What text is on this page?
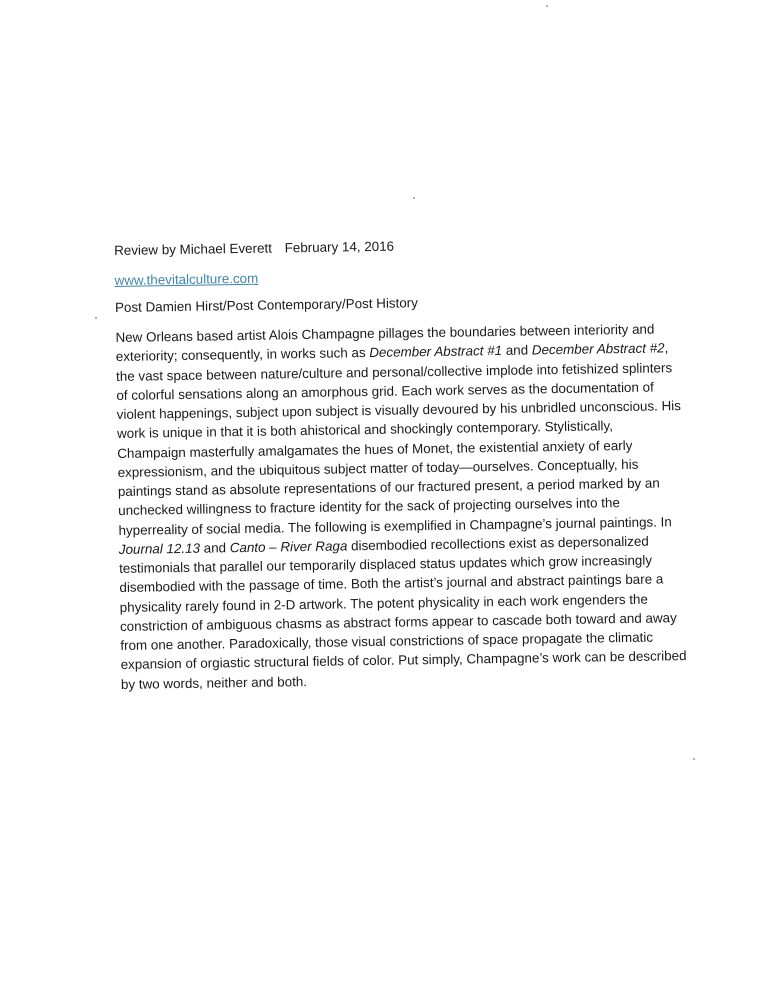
Review by Michael Everett February 14, 2016
www.thevitalculture.com
Post Damien Hirst/Post Contemporary/Post History

New Orleans based artist Alois Champagne pillages the boundaries between interiority and
exteriority; consequently, in works such as December Abstract #1 and December Abstract #2,
the vast space between nature/culture and personal/collective implode into fetishized splinters
of colorful sensations along an amorphous grid. Each work serves as the documentation of
violent happenings, subject upon subject is visually devoured by his unbridled unconscious. His
work is unique in that it is both ahistorical and shockingly contemporary. Stylistically,
Champaign masterfully amalgamates the hues of Monet, the existential anxiety of early
expressionism, and the ubiquitous subject matter of today—ourselves. Conceptually, his
paintings stand as absolute representations of our fractured present, a period marked by an
unchecked willingness to fracture identity for the sack of projecting ourselves into the
hyperreality of social media. The following is exemplified in Champagne’s journal paintings. In
Journal 12.13 and Canto – River Raga disembodied recollections exist as depersonalized
testimonials that parallel our temporarily displaced status updates which grow increasingly
disembodied with the passage of time. Both the artist’s journal and abstract paintings bare a
physicality rarely found in 2-D artwork. The potent physicality in each work engenders the
constriction of ambiguous chasms as abstract forms appear to cascade both toward and away
from one another. Paradoxically, those visual constrictions of space propagate the climatic
expansion of orgiastic structural fields of color. Put simply, Champagne’s work can be described
by two words, neither and both.
